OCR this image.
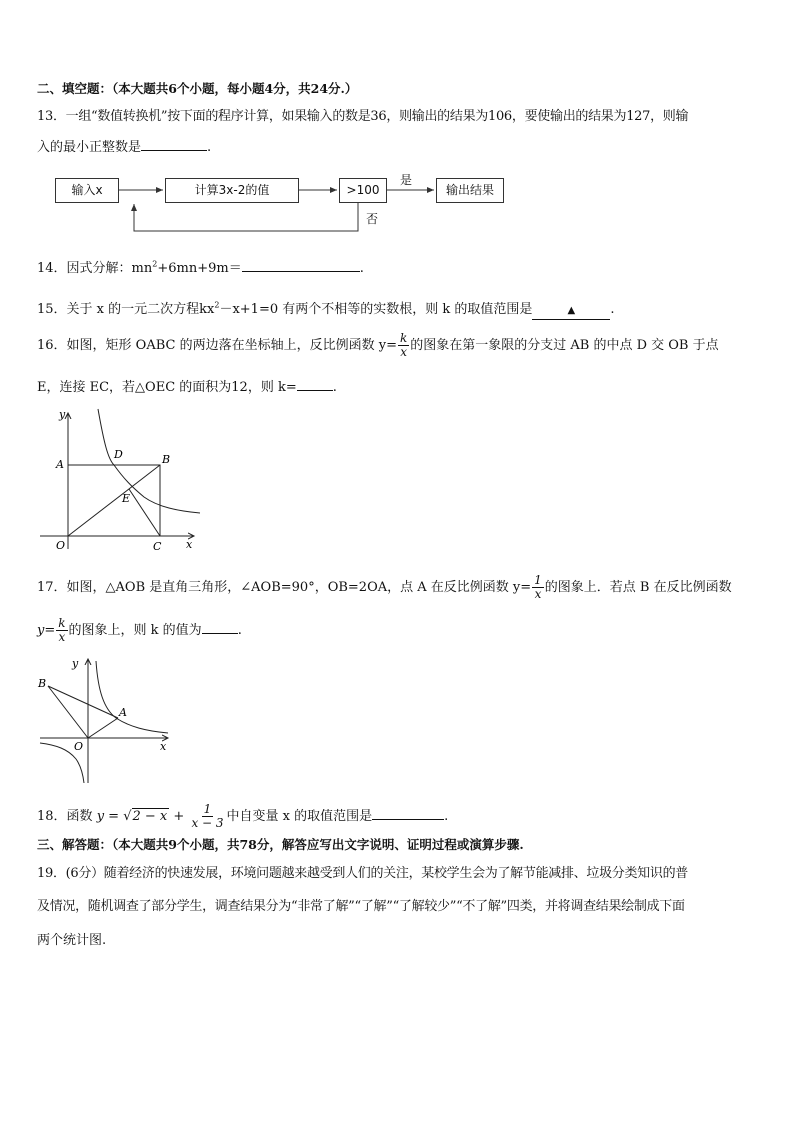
二、填空题：（本大题共6个小题，每小题4分，共24分.）
13．一组“数值转换机”按下面的程序计算，如果输入的数是36，则输出的结果为106，要使输出的结果为127，则输
入的最小正整数是	.
输入x	计算3x-2的值	>100	输出结果
是
否
14．因式分解：$mn^2+6mn+9m=$	.
15．关于 x 的一元二次方程$kx^2-x+1=0$ 有两个不相等的实数根，则 k 的取值范围是	▲	.
16．如图，矩形 OABC 的两边落在坐标轴上，反比例函数 $y= \frac{k}{x}$ 的图象在第一象限的分支过 AB 的中点 D 交 OB 于点
E，连接 EC，若△OEC 的面积为12，则 k=	.
y
x
A
D	B
E
O	C
17．如图，△AOB 是直角三角形，∠AOB=90°，OB=2OA，点 A 在反比例函数 $y= \frac{1}{x}$ 的图象上．若点 B 在反比例函数
$y= \frac{k}{x}$ 的图象上，则 k 的值为	.
y
x
B
A
O
18．函数 $y = √2 - x + \frac{1}{x - 3}$ 中自变量 x 的取值范围是	.
三、解答题：（本大题共9个小题，共78分，解答应写出文字说明、证明过程或演算步骤.
19．(6分）随着经济的快速发展，环境问题越来越受到人们的关注，某校学生会为了解节能减排、垃圾分类知识的普
及情况，随机调查了部分学生，调查结果分为“非常了解”“了解”“了解较少”“不了解”四类，并将调查结果绘制成下面
两个统计图.
